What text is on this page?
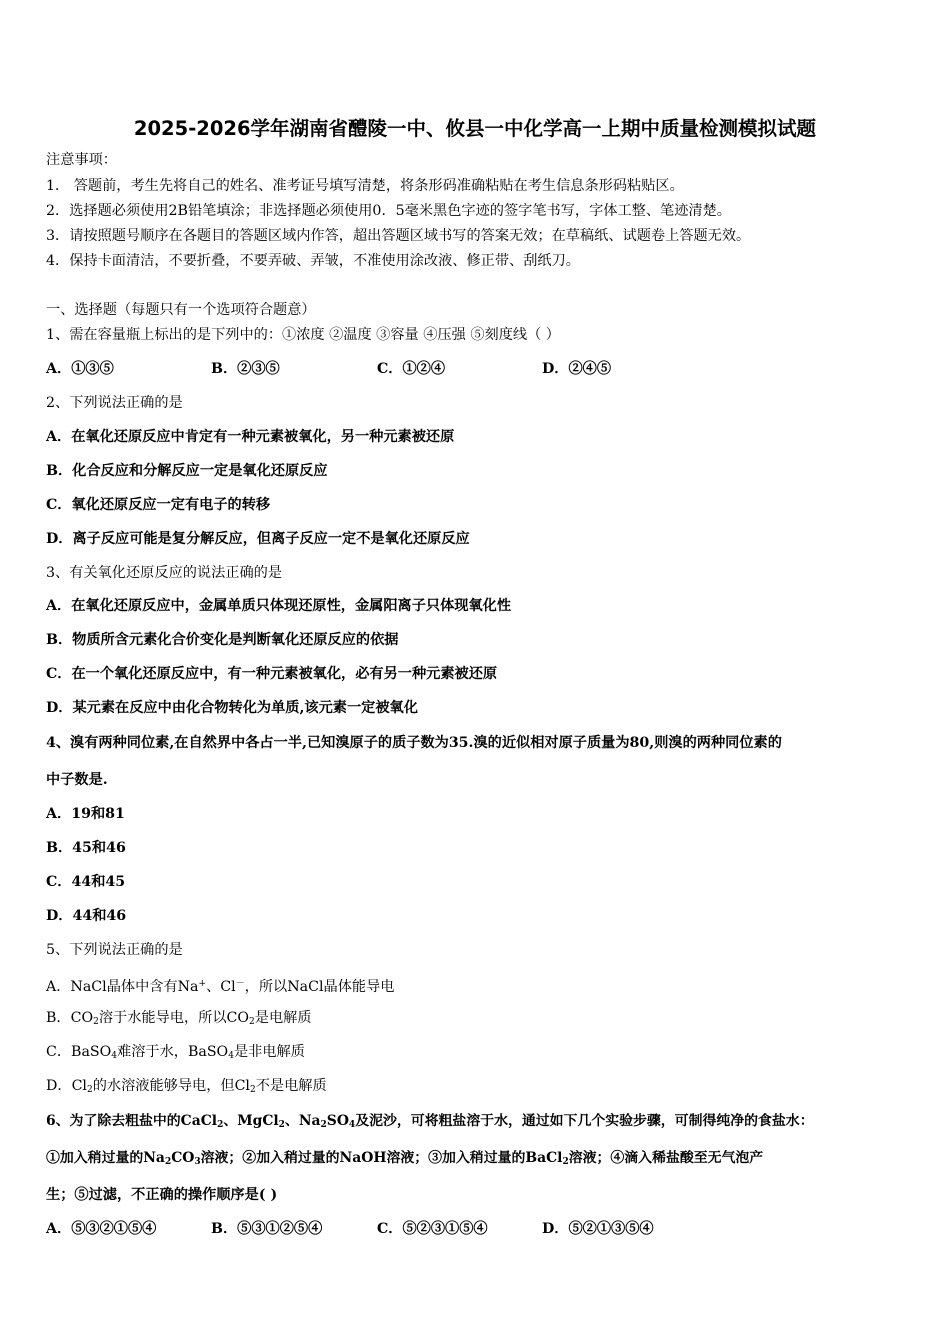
2025-2026学年湖南省醴陵一中、攸县一中化学高一上期中质量检测模拟试题
注意事项：
1． 答题前，考生先将自己的姓名、准考证号填写清楚，将条形码准确粘贴在考生信息条形码粘贴区。
2．选择题必须使用2B铅笔填涂；非选择题必须使用0．5毫米黑色字迹的签字笔书写，字体工整、笔迹清楚。
3．请按照题号顺序在各题目的答题区域内作答，超出答题区域书写的答案无效；在草稿纸、试题卷上答题无效。
4．保持卡面清洁，不要折叠，不要弄破、弄皱，不准使用涂改液、修正带、刮纸刀。
一、选择题（每题只有一个选项符合题意）
1、需在容量瓶上标出的是下列中的：①浓度 ②温度 ③容量 ④压强 ⑤刻度线（ ）
A．①③⑤	B．②③⑤	C．①②④	D．②④⑤
2、下列说法正确的是
A．在氧化还原反应中肯定有一种元素被氧化，另一种元素被还原
B．化合反应和分解反应一定是氧化还原反应
C．氧化还原反应一定有电子的转移
D．离子反应可能是复分解反应，但离子反应一定不是氧化还原反应
3、有关氧化还原反应的说法正确的是
A．在氧化还原反应中，金属单质只体现还原性，金属阳离子只体现氧化性
B．物质所含元素化合价变化是判断氧化还原反应的依据
C．在一个氧化还原反应中，有一种元素被氧化，必有另一种元素被还原
D．某元素在反应中由化合物转化为单质,该元素一定被氧化
4、溴有两种同位素,在自然界中各占一半,已知溴原子的质子数为35.溴的近似相对原子质量为80,则溴的两种同位素的
中子数是.
A．19和81
B．45和46
C．44和45
D．44和46
5、下列说法正确的是
A．NaCl晶体中含有Na+、Cl－，所以NaCl晶体能导电
B．$CO_2$溶于水能导电，所以$CO_2$是电解质
C．BaSO$_4$难溶于水，BaSO$_4$是非电解质
D．$Cl_2$的水溶液能够导电，但$Cl_2$不是电解质
6、为了除去粗盐中的CaCl$_2$、MgCl$_2$、$Na_2SO_4$及泥沙，可将粗盐溶于水，通过如下几个实验步骤，可制得纯净的食盐水：
①加入稍过量的$Na_2CO_3$溶液；②加入稍过量的NaOH溶液；③加入稍过量的BaCl$_2$溶液；④滴入稀盐酸至无气泡产
生；⑤过滤，不正确的操作顺序是( )
A．⑤③②①⑤④	B．⑤③①②⑤④	C．⑤②③①⑤④	D．⑤②①③⑤④
